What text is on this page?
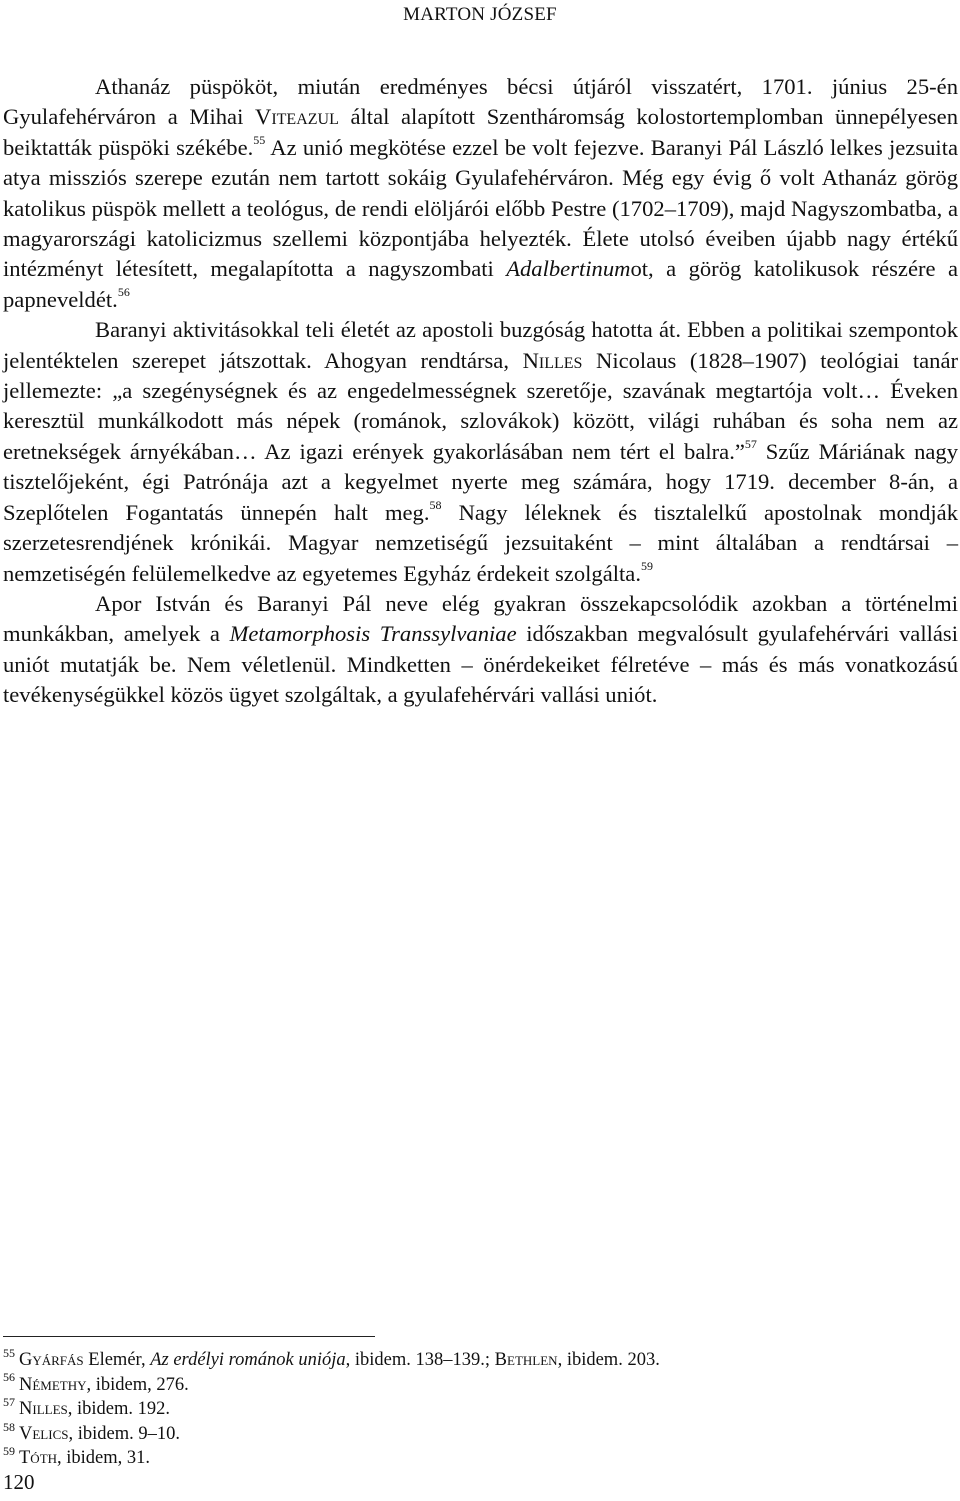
MARTON JÓZSEF

Athanáz püspököt, miután eredményes bécsi útjáról visszatért, 1701. június 25-én Gyulafehérváron a Mihai Viteazul által alapított Szentháromság kolostortemplomban ünnepélyesen beiktatták püspöki székébe.$^{55}$ Az unió megkötése ezzel be volt fejezve. Baranyi Pál László lelkes jezsuita atya missziós szerepe ezután nem tartott sokáig Gyulafehérváron. Még egy évig ő volt Athanáz görög katolikus püspök mellett a teológus, de rendi elöljárói előbb Pestre (1702–1709), majd Nagyszombatba, a magyarországi katolicizmus szellemi központjába helyezték. Élete utolsó éveiben újabb nagy értékű intézményt létesített, megalapította a nagyszombati Adalbertinumot, a görög katolikusok részére a papneveldét.$^{56}$

Baranyi aktivitásokkal teli életét az apostoli buzgóság hatotta át. Ebben a politikai szempontok jelentéktelen szerepet játszottak. Ahogyan rendtársa, Nilles Nicolaus (1828–1907) teológiai tanár jellemezte: „a szegénységnek és az engedelmességnek szeretője, szavának megtartója volt… Éveken keresztül munkálkodott más népek (románok, szlovákok) között, világi ruhában és soha nem az eretnekségek árnyékában… Az igazi erények gyakorlásában nem tért el balra.”$^{57}$ Szűz Máriának nagy tisztelőjeként, égi Patrónája azt a kegyelmet nyerte meg számára, hogy 1719. december 8-án, a Szeplőtelen Fogantatás ünnepén halt meg.$^{58}$ Nagy léleknek és tisztalelkű apostolnak mondják szerzetesrendjének krónikái. Magyar nemzetiségű jezsuitaként – mint általában a rendtársai – nemzetiségén felülemelkedve az egyetemes Egyház érdekeit szolgálta.$^{59}$

Apor István és Baranyi Pál neve elég gyakran összekapcsolódik azokban a történelmi munkákban, amelyek a Metamorphosis Transsylvaniae időszakban megvalósult gyulafehérvári vallási uniót mutatják be. Nem véletlenül. Mindketten – önérdekeiket félretéve – más és más vonatkozású tevékenységükkel közös ügyet szolgáltak, a gyulafehérvári vallási uniót.

$^{55}$ Gyárfás Elemér, Az erdélyi románok uniója, ibidem. 138–139.; Bethlen, ibidem. 203.
$^{56}$ Némethy, ibidem, 276.
$^{57}$ Nilles, ibidem. 192.
$^{58}$ Velics, ibidem. 9–10.
$^{59}$ Tóth, ibidem, 31.
120
